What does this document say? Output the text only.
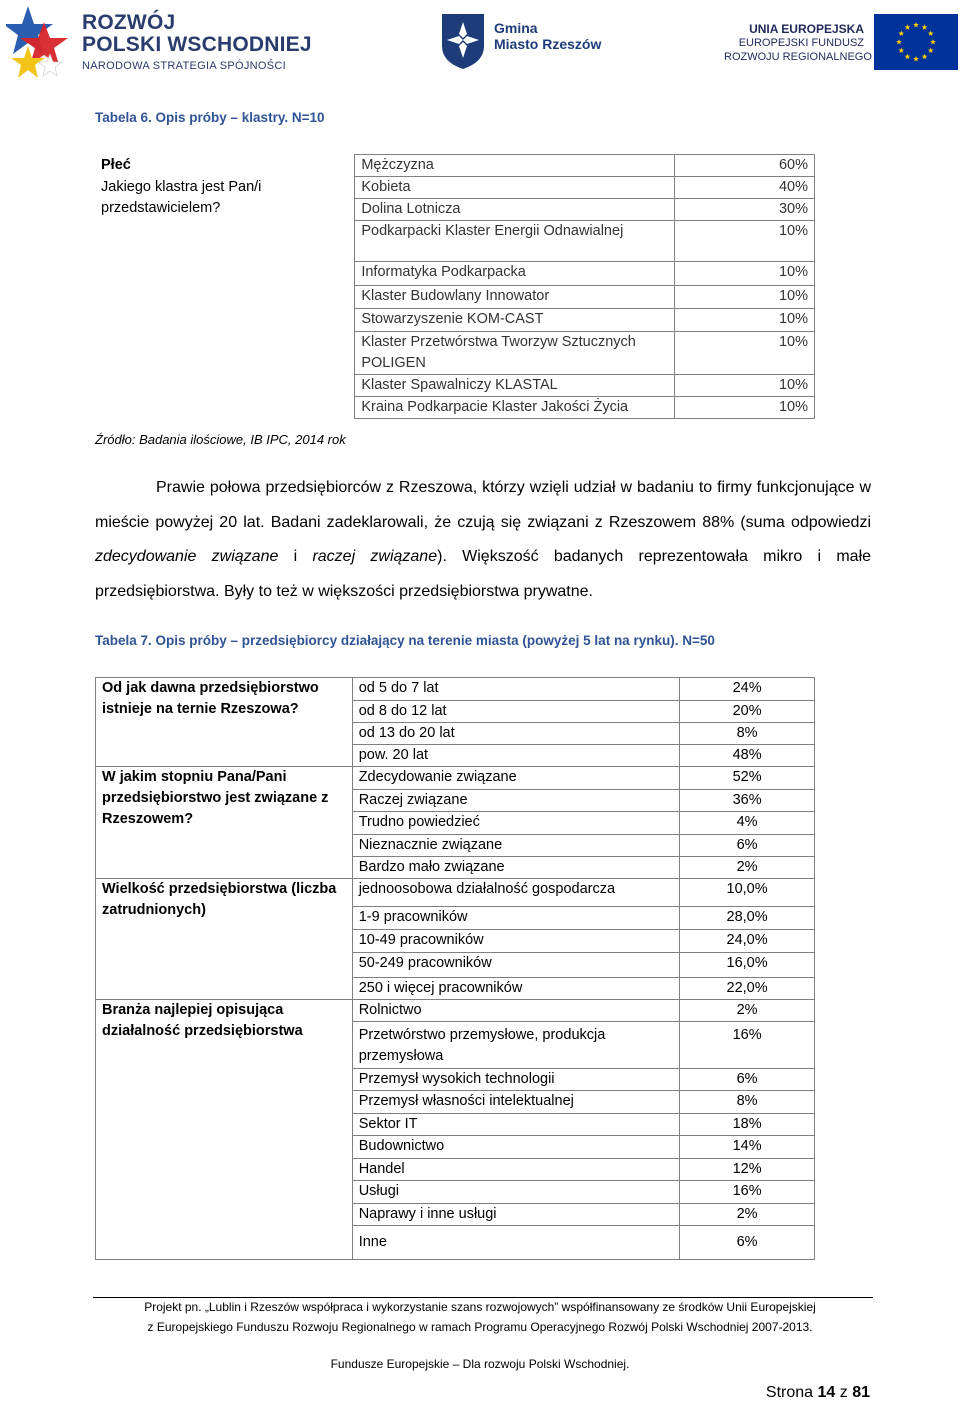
ROZWÓJ
POLSKI WSCHODNIEJ
NARODOWA STRATEGIA SPÓJNOŚCI
Gmina
Miasto Rzeszów
UNIA EUROPEJSKA
EUROPEJSKI FUNDUSZ
ROZWOJU REGIONALNEGO
Tabela 6. Opis próby – klastry. N=10
Płeć	Mężczyzna	60%
Jakiego klastra jest Pan/i przedstawicielem?	Kobieta	40%
	Dolina Lotnicza	30%
	Podkarpacki Klaster Energii Odnawialnej	10%
	Informatyka Podkarpacka	10%
	Klaster Budowlany Innowator	10%
	Stowarzyszenie KOM-CAST	10%
	Klaster Przetwórstwa Tworzyw Sztucznych POLIGEN	10%
	Klaster Spawalniczy KLASTAL	10%
	Kraina Podkarpacie Klaster Jakości Życia	10%
Źródło: Badania ilościowe, IB IPC, 2014 rok
Prawie połowa przedsiębiorców z Rzeszowa, którzy wzięli udział w badaniu to firmy funkcjonujące w mieście powyżej 20 lat. Badani zadeklarowali, że czują się związani z Rzeszowem 88% (suma odpowiedzi zdecydowanie związane i raczej związane). Większość badanych reprezentowała mikro i małe przedsiębiorstwa. Były to też w większości przedsiębiorstwa prywatne.
Tabela 7. Opis próby – przedsiębiorcy działający na terenie miasta (powyżej 5 lat na rynku). N=50
Od jak dawna przedsiębiorstwo istnieje na ternie Rzeszowa?	od 5 do 7 lat	24%
	od 8 do 12 lat	20%
	od 13 do 20 lat	8%
	pow. 20 lat	48%
W jakim stopniu Pana/Pani przedsiębiorstwo jest związane z Rzeszowem?	Zdecydowanie związane	52%
	Raczej związane	36%
	Trudno powiedzieć	4%
	Nieznacznie związane	6%
	Bardzo mało związane	2%
Wielkość przedsiębiorstwa (liczba zatrudnionych)	jednoosobowa działalność gospodarcza	10,0%
	1-9 pracowników	28,0%
	10-49 pracowników	24,0%
	50-249 pracowników	16,0%
	250 i więcej pracowników	22,0%
Branża najlepiej opisująca działalność przedsiębiorstwa	Rolnictwo	2%
	Przetwórstwo przemysłowe, produkcja przemysłowa	16%
	Przemysł wysokich technologii	6%
	Przemysł własności intelektualnej	8%
	Sektor IT	18%
	Budownictwo	14%
	Handel	12%
	Usługi	16%
	Naprawy i inne usługi	2%
	Inne	6%
Projekt pn. „Lublin i Rzeszów współpraca i wykorzystanie szans rozwojowych” współfinansowany ze środków Unii Europejskiej
z Europejskiego Funduszu Rozwoju Regionalnego w ramach Programu Operacyjnego Rozwój Polski Wschodniej 2007-2013.
Fundusze Europejskie – Dla rozwoju Polski Wschodniej.
Strona 14 z 81
